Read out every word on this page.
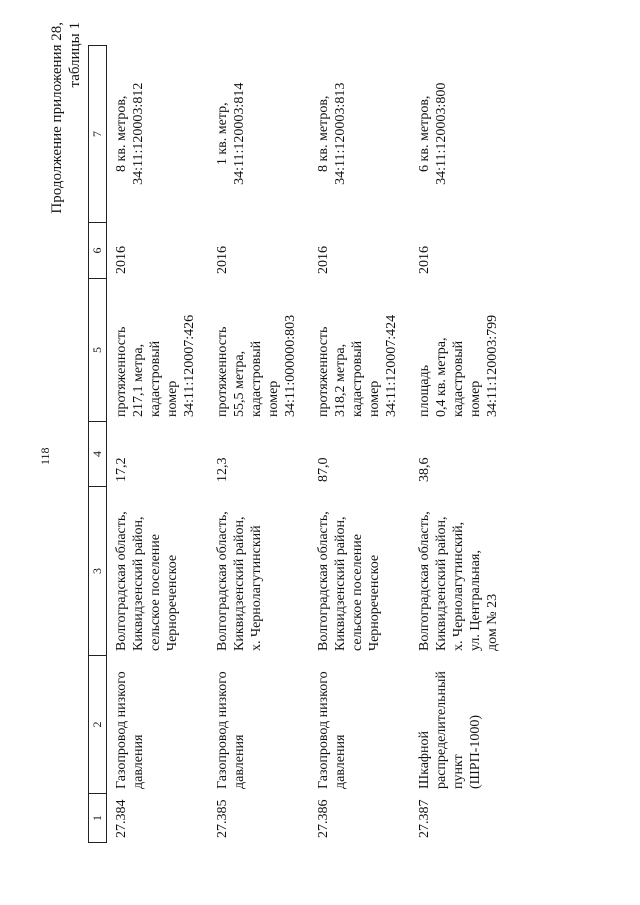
118
Продолжение приложения 28, таблицы 1
1	2	3	4	5	6	7
27.384	Газопровод низкого давления	Волгоградская область, Киквидзенский район, сельское поселение Чернореченское	17,2	протяженность 217,1 метра, кадастровый номер 34:11:120007:426	2016	8 кв. метров, 34:11:120003:812

27.385	Газопровод низкого давления	Волгоградская область, Киквидзенский район, х. Чернолагутинский	12,3	протяженность 55,5 метра, кадастровый номер 34:11:000000:803	2016	1 кв. метр, 34:11:120003:814

27.386	Газопровод низкого давления	Волгоградская область, Киквидзенский район, сельское поселение Чернореченское	87,0	протяженность 318,2 метра, кадастровый номер 34:11:120007:424	2016	8 кв. метров, 34:11:120003:813

27.387	Шкафной распределительный пункт (ШРП-1000)	Волгоградская область, Киквидзенский район, х. Чернолагутинский, ул. Центральная, дом № 23	38,6	площадь 0,4 кв. метра, кадастровый номер 34:11:120003:799	2016	6 кв. метров, 34:11:120003:800
